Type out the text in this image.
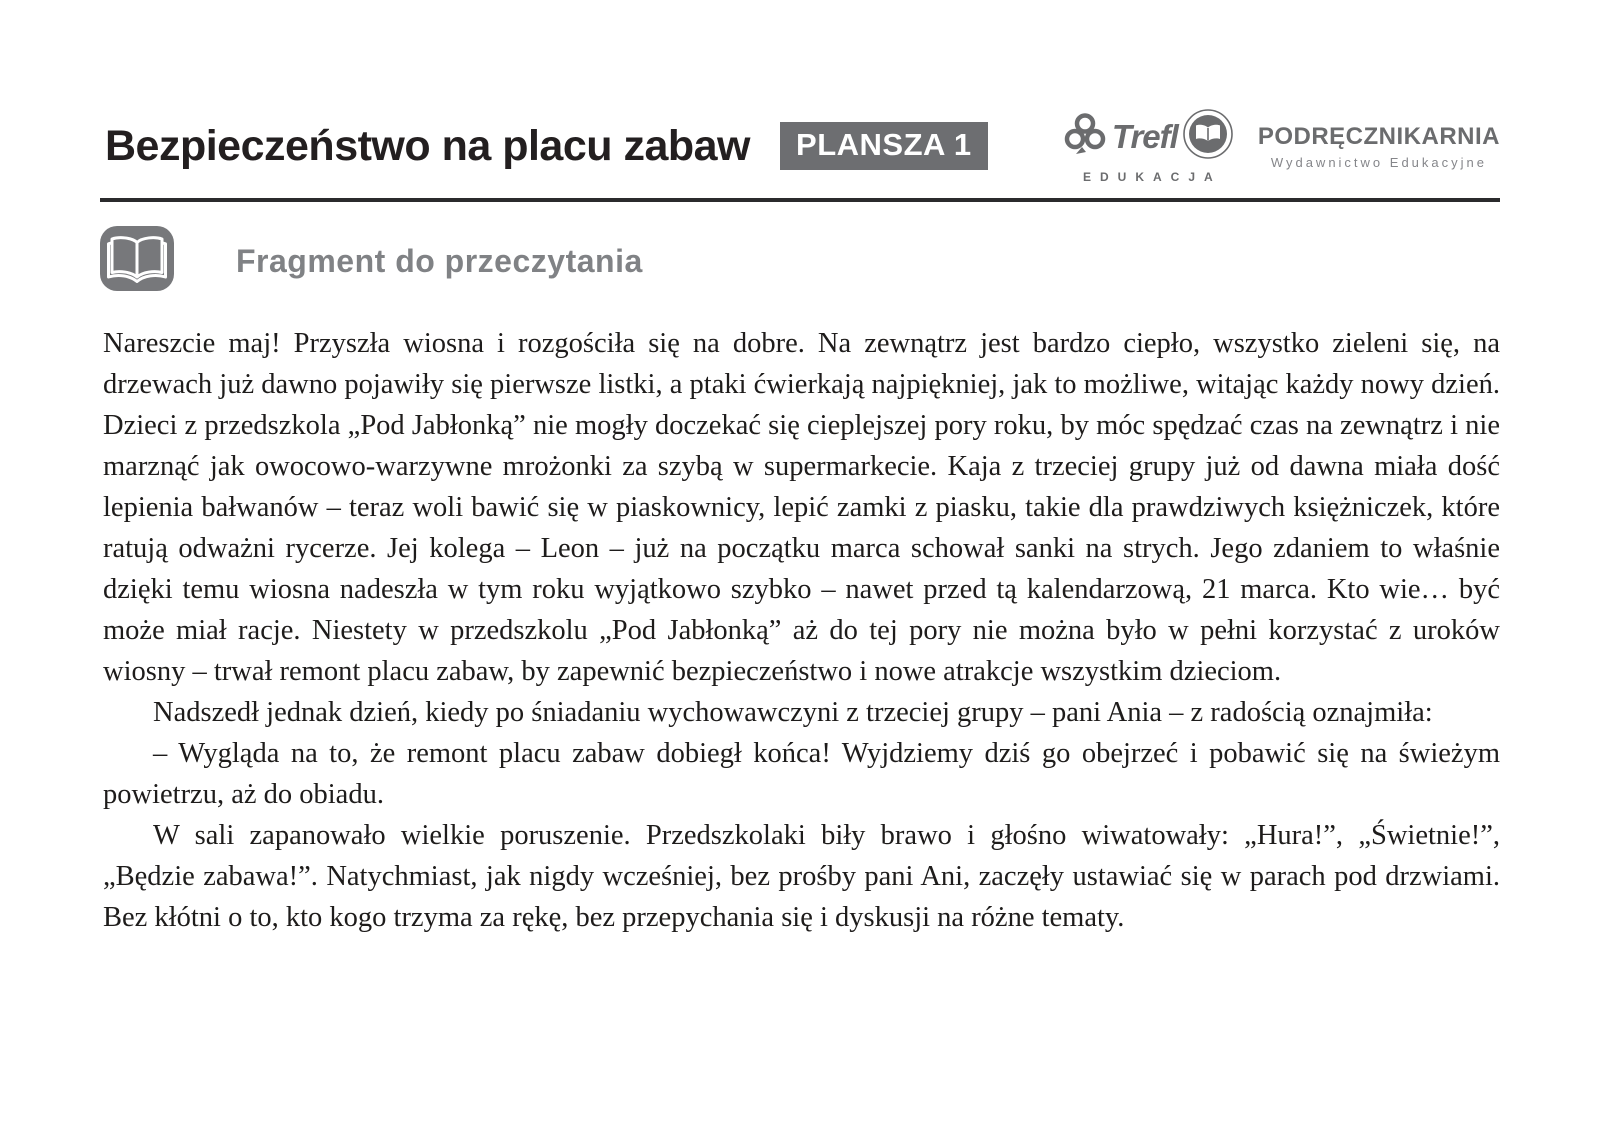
Bezpieczeństwo na placu zabaw	PLANSZA 1	Trefl
EDUKACJA
PODRĘCZNIKARNIA
Wydawnictwo Edukacyjne
Fragment do przeczytania

Nareszcie maj! Przyszła wiosna i rozgościła się na dobre. Na zewnątrz jest bardzo ciepło, wszystko zieleni się, na drzewach już dawno pojawiły się pierwsze listki, a ptaki ćwierkają najpiękniej, jak to możliwe, witając każdy nowy dzień. Dzieci z przedszkola „Pod Jabłonką” nie mogły doczekać się cieplejszej pory roku, by móc spędzać czas na zewnątrz i nie marznąć jak owocowo-warzywne mrożonki za szybą w supermarkecie. Kaja z trzeciej grupy już od dawna miała dość lepienia bałwanów – teraz woli bawić się w piaskownicy, lepić zamki z piasku, takie dla prawdziwych księżniczek, które ratują odważni rycerze. Jej kolega – Leon – już na początku marca schował sanki na strych. Jego zdaniem to właśnie dzięki temu wiosna nadeszła w tym roku wyjątkowo szybko – nawet przed tą kalendarzową, 21 marca. Kto wie… być może miał racje. Niestety w przedszkolu „Pod Jabłonką” aż do tej pory nie można było w pełni korzystać z uroków wiosny – trwał remont placu zabaw, by zapewnić bezpieczeństwo i nowe atrakcje wszystkim dzieciom.

Nadszedł jednak dzień, kiedy po śniadaniu wychowawczyni z trzeciej grupy – pani Ania – z radością oznajmiła:

– Wygląda na to, że remont placu zabaw dobiegł końca! Wyjdziemy dziś go obejrzeć i pobawić się na świeżym powietrzu, aż do obiadu.

W sali zapanowało wielkie poruszenie. Przedszkolaki biły brawo i głośno wiwatowały: „Hura!”, „Świetnie!”, „Będzie zabawa!”. Natychmiast, jak nigdy wcześniej, bez prośby pani Ani, zaczęły ustawiać się w parach pod drzwiami. Bez kłótni o to, kto kogo trzyma za rękę, bez przepychania się i dyskusji na różne tematy.
